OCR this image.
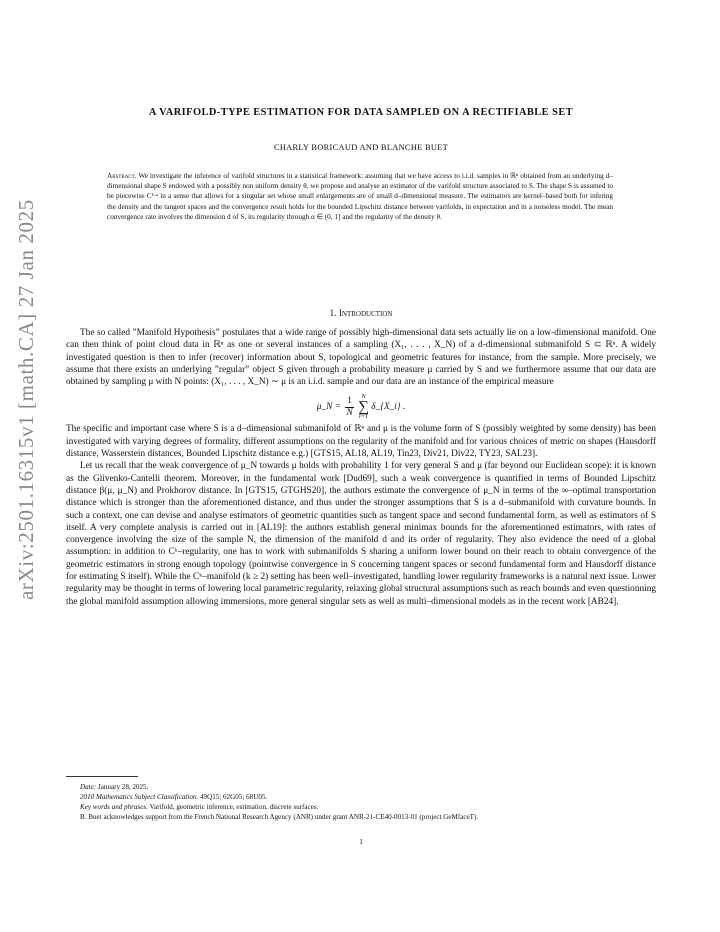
arXiv:2501.16315v1 [math.CA] 27 Jan 2025
A VARIFOLD-TYPE ESTIMATION FOR DATA SAMPLED ON A RECTIFIABLE SET
CHARLY BORICAUD AND BLANCHE BUET
Abstract. We investigate the inference of varifold structures in a statistical framework: assuming that we have access to i.i.d. samples in ℝⁿ obtained from an underlying d–dimensional shape S endowed with a possibly non uniform density θ, we propose and analyse an estimator of the varifold structure associated to S. The shape S is assumed to be piecewise C¹ᐧᵅ in a sense that allows for a singular set whose small enlargements are of small d–dimensional measure. The estimators are kernel–based both for infering the density and the tangent spaces and the convergence result holds for the bounded Lipschitz distance between varifolds, in expectation and in a noiseless model. The mean convergence rate involves the dimension d of S, its regularity through α ∈ (0, 1] and the regularity of the density θ.
1. Introduction

The so called ”Manifold Hypothesis” postulates that a wide range of possibly high-dimensional data sets actually lie on a low-dimensional manifold. One can then think of point cloud data in ℝⁿ as one or several instances of a sampling (X₁, . . . , X_N) of a d-dimensional submanifold S ⊂ ℝⁿ. A widely investigated question is then to infer (recover) information about S, topological and geometric features for instance, from the sample. More precisely, we assume that there exists an underlying ”regular” object S given through a probability measure μ carried by S and we furthermore assume that our data are obtained by sampling μ with N points: (X₁, . . . , X_N) ∼ μ is an i.i.d. sample and our data are an instance of the empirical measure

μ_N = $\frac{1}{N}$
	N
∑
i=1
δ_{X_i} .

The specific and important case where S is a d–dimensional submanifold of ℝⁿ and μ is the volume form of S (possibly weighted by some density) has been investigated with varying degrees of formality, different assumptions on the regularity of the manifold and for various choices of metric on shapes (Hausdorff distance, Wasserstein distances, Bounded Lipschitz distance e.g.) [GTS15, AL18, AL19, Tin23, Div21, Div22, TY23, SAL23].

Let us recall that the weak convergence of μ_N towards μ holds with probability 1 for very general S and μ (far beyond our Euclidean scope): it is known as the Glivenko-Cantelli theorem. Moreover, in the fundamental work [Dud69], such a weak convergence is quantified in terms of Bounded Lipschitz distance β(μ, μ_N) and Prokhorov distance. In [GTS15, GTGHS20], the authors estimate the convergence of μ_N in terms of the ∞–optimal transportation distance which is stronger than the aforementioned distance, and thus under the stronger assumptions that S is a d–submanifold with curvature bounds. In such a context, one can devise and analyse estimators of geometric quantities such as tangent space and second fundamental form, as well as estimators of S itself. A very complete analysis is carried out in [AL19]: the authors establish general minimax bounds for the aforementioned estimators, with rates of convergence involving the size of the sample N, the dimension of the manifold d and its order of regularity. They also evidence the need of a global assumption: in addition to Cᵏ–regularity, one has to work with submanifolds S sharing a uniform lower bound on their reach to obtain convergence of the geometric estimators in strong enough topology (pointwise convergence in S concerning tangent spaces or second fundamental form and Hausdorff distance for estimating S itself). While the Cᵏ–manifold (k ≥ 2) setting has been well–investigated, handling lower regularity frameworks is a natural next issue. Lower regularity may be thought in terms of lowering local parametric regularity, relaxing global structural assumptions such as reach bounds and even questionning the global manifold assumption allowing immersions, more general singular sets as well as multi–dimensional models as in the recent work [AB24].

Date: January 28, 2025.
2010 Mathematics Subject Classification. 49Q15; 62G05; 68U05.
Key words and phrases. Varifold, geometric inference, estimation, discrete surfaces.
B. Buet acknowledges support from the French National Research Agency (ANR) under grant ANR-21-CE40-0013-01 (project GeMfaceT).
1
